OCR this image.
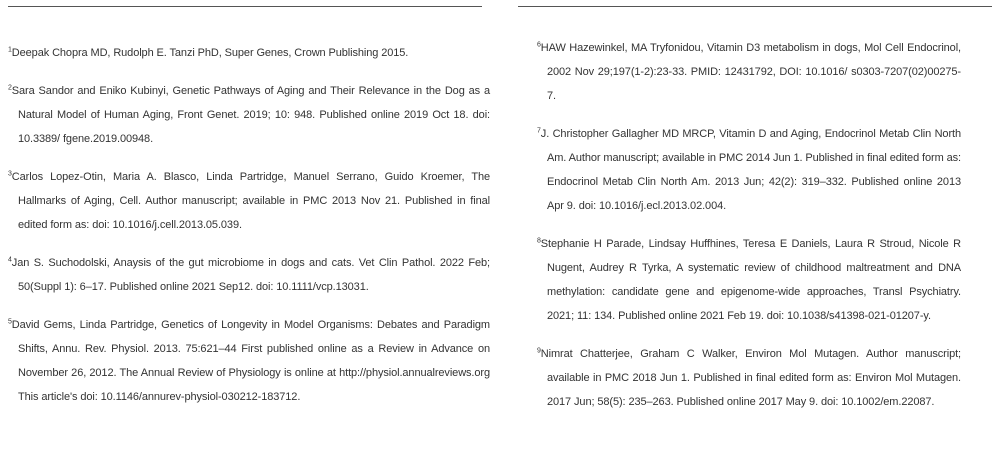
$^1$Deepak Chopra MD, Rudolph E. Tanzi PhD, Super Genes, Crown Publishing 2015.

$^2$Sara Sandor and Eniko Kubinyi, Genetic Pathways of Aging and Their Relevance in the Dog as a Natural Model of Human Aging, Front Genet. 2019; 10: 948. Published online 2019 Oct 18. doi: 10.3389/ fgene.2019.00948.

$^3$Carlos Lopez-Otin, Maria A. Blasco, Linda Partridge, Manuel Serrano, Guido Kroemer, The Hallmarks of Aging, Cell. Author manuscript; available in PMC 2013 Nov 21. Published in final edited form as: doi: 10.1016/j.cell.2013.05.039.

$^4$Jan S. Suchodolski, Anaysis of the gut microbiome in dogs and cats. Vet Clin Pathol. 2022 Feb; 50(Suppl 1): 6–17. Published online 2021 Sep12. doi: 10.1111/vcp.13031.

$^5$David Gems, Linda Partridge, Genetics of Longevity in Model Organisms: Debates and Paradigm Shifts, Annu. Rev. Physiol. 2013. 75:621–44 First published online as a Review in Advance on November 26, 2012. The Annual Review of Physiology is online at http://physiol.annualreviews.org This article's doi: 10.1146/annurev-physiol-030212-183712.

$^6$HAW Hazewinkel, MA Tryfonidou, Vitamin D3 metabolism in dogs, Mol Cell Endocrinol, 2002 Nov 29;197(1-2):23-33. PMID: 12431792, DOI: 10.1016/ s0303-7207(02)00275-7.

$^7$J. Christopher Gallagher MD MRCP, Vitamin D and Aging, Endocrinol Metab Clin North Am. Author manuscript; available in PMC 2014 Jun 1. Published in final edited form as: Endocrinol Metab Clin North Am. 2013 Jun; 42(2): 319–332. Published online 2013 Apr 9. doi: 10.1016/j.ecl.2013.02.004.

$^8$Stephanie H Parade, Lindsay Huffhines, Teresa E Daniels, Laura R Stroud, Nicole R Nugent, Audrey R Tyrka, A systematic review of childhood maltreatment and DNA methylation: candidate gene and epigenome-wide approaches, Transl Psychiatry. 2021; 11: 134. Published online 2021 Feb 19. doi: 10.1038/s41398-021-01207-y.

$^9$Nimrat Chatterjee, Graham C Walker, Environ Mol Mutagen. Author manuscript; available in PMC 2018 Jun 1. Published in final edited form as: Environ Mol Mutagen. 2017 Jun; 58(5): 235–263. Published online 2017 May 9. doi: 10.1002/em.22087.
